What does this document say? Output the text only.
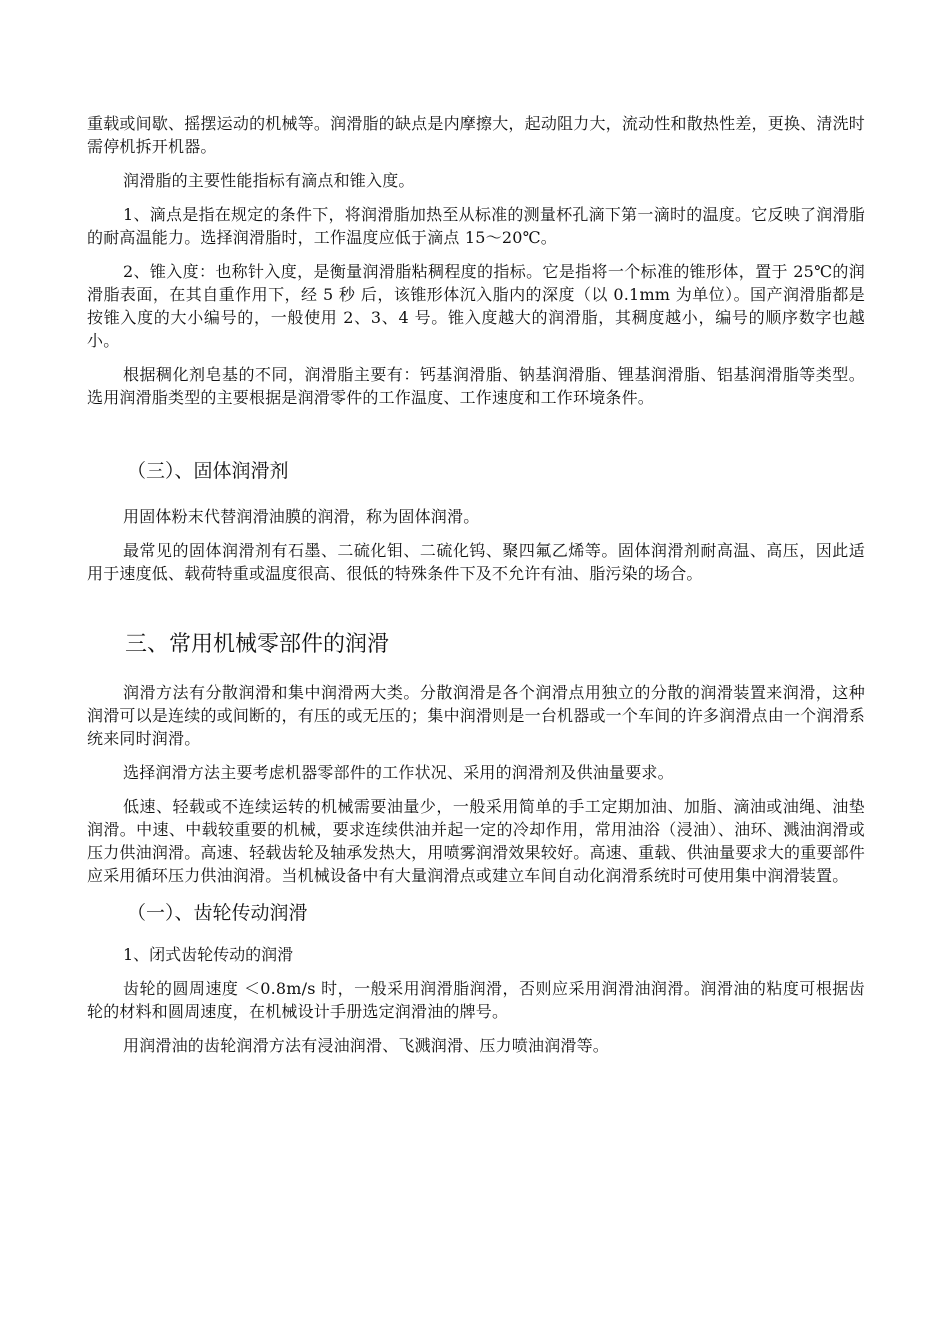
重载或间歇、摇摆运动的机械等。润滑脂的缺点是内摩擦大，起动阻力大，流动性和散热性差，更换、清洗时需停机拆开机器。

润滑脂的主要性能指标有滴点和锥入度。

1、滴点是指在规定的条件下，将润滑脂加热至从标准的测量杯孔滴下第一滴时的温度。它反映了润滑脂的耐高温能力。选择润滑脂时，工作温度应低于滴点 15～20℃。

2、锥入度：也称针入度，是衡量润滑脂粘稠程度的指标。它是指将一个标准的锥形体，置于 25℃的润滑脂表面，在其自重作用下，经 5 秒 后，该锥形体沉入脂内的深度（以 0.1mm 为单位）。国产润滑脂都是按锥入度的大小编号的，一般使用 2、3、4 号。锥入度越大的润滑脂，其稠度越小，编号的顺序数字也越小。

根据稠化剂皂基的不同，润滑脂主要有：钙基润滑脂、钠基润滑脂、锂基润滑脂、铝基润滑脂等类型。选用润滑脂类型的主要根据是润滑零件的工作温度、工作速度和工作环境条件。

（三）、固体润滑剂

用固体粉末代替润滑油膜的润滑，称为固体润滑。

最常见的固体润滑剂有石墨、二硫化钼、二硫化钨、聚四氟乙烯等。固体润滑剂耐高温、高压，因此适用于速度低、载荷特重或温度很高、很低的特殊条件下及不允许有油、脂污染的场合。

三、常用机械零部件的润滑

润滑方法有分散润滑和集中润滑两大类。分散润滑是各个润滑点用独立的分散的润滑装置来润滑，这种润滑可以是连续的或间断的，有压的或无压的；集中润滑则是一台机器或一个车间的许多润滑点由一个润滑系统来同时润滑。

选择润滑方法主要考虑机器零部件的工作状况、采用的润滑剂及供油量要求。

低速、轻载或不连续运转的机械需要油量少，一般采用简单的手工定期加油、加脂、滴油或油绳、油垫润滑。中速、中载较重要的机械，要求连续供油并起一定的冷却作用，常用油浴（浸油）、油环、溅油润滑或压力供油润滑。高速、轻载齿轮及轴承发热大，用喷雾润滑效果较好。高速、重载、供油量要求大的重要部件应采用循环压力供油润滑。当机械设备中有大量润滑点或建立车间自动化润滑系统时可使用集中润滑装置。

（一）、齿轮传动润滑

1、闭式齿轮传动的润滑

齿轮的圆周速度 ＜0.8m/s 时，一般采用润滑脂润滑，否则应采用润滑油润滑。润滑油的粘度可根据齿轮的材料和圆周速度，在机械设计手册选定润滑油的牌号。

用润滑油的齿轮润滑方法有浸油润滑、飞溅润滑、压力喷油润滑等。
